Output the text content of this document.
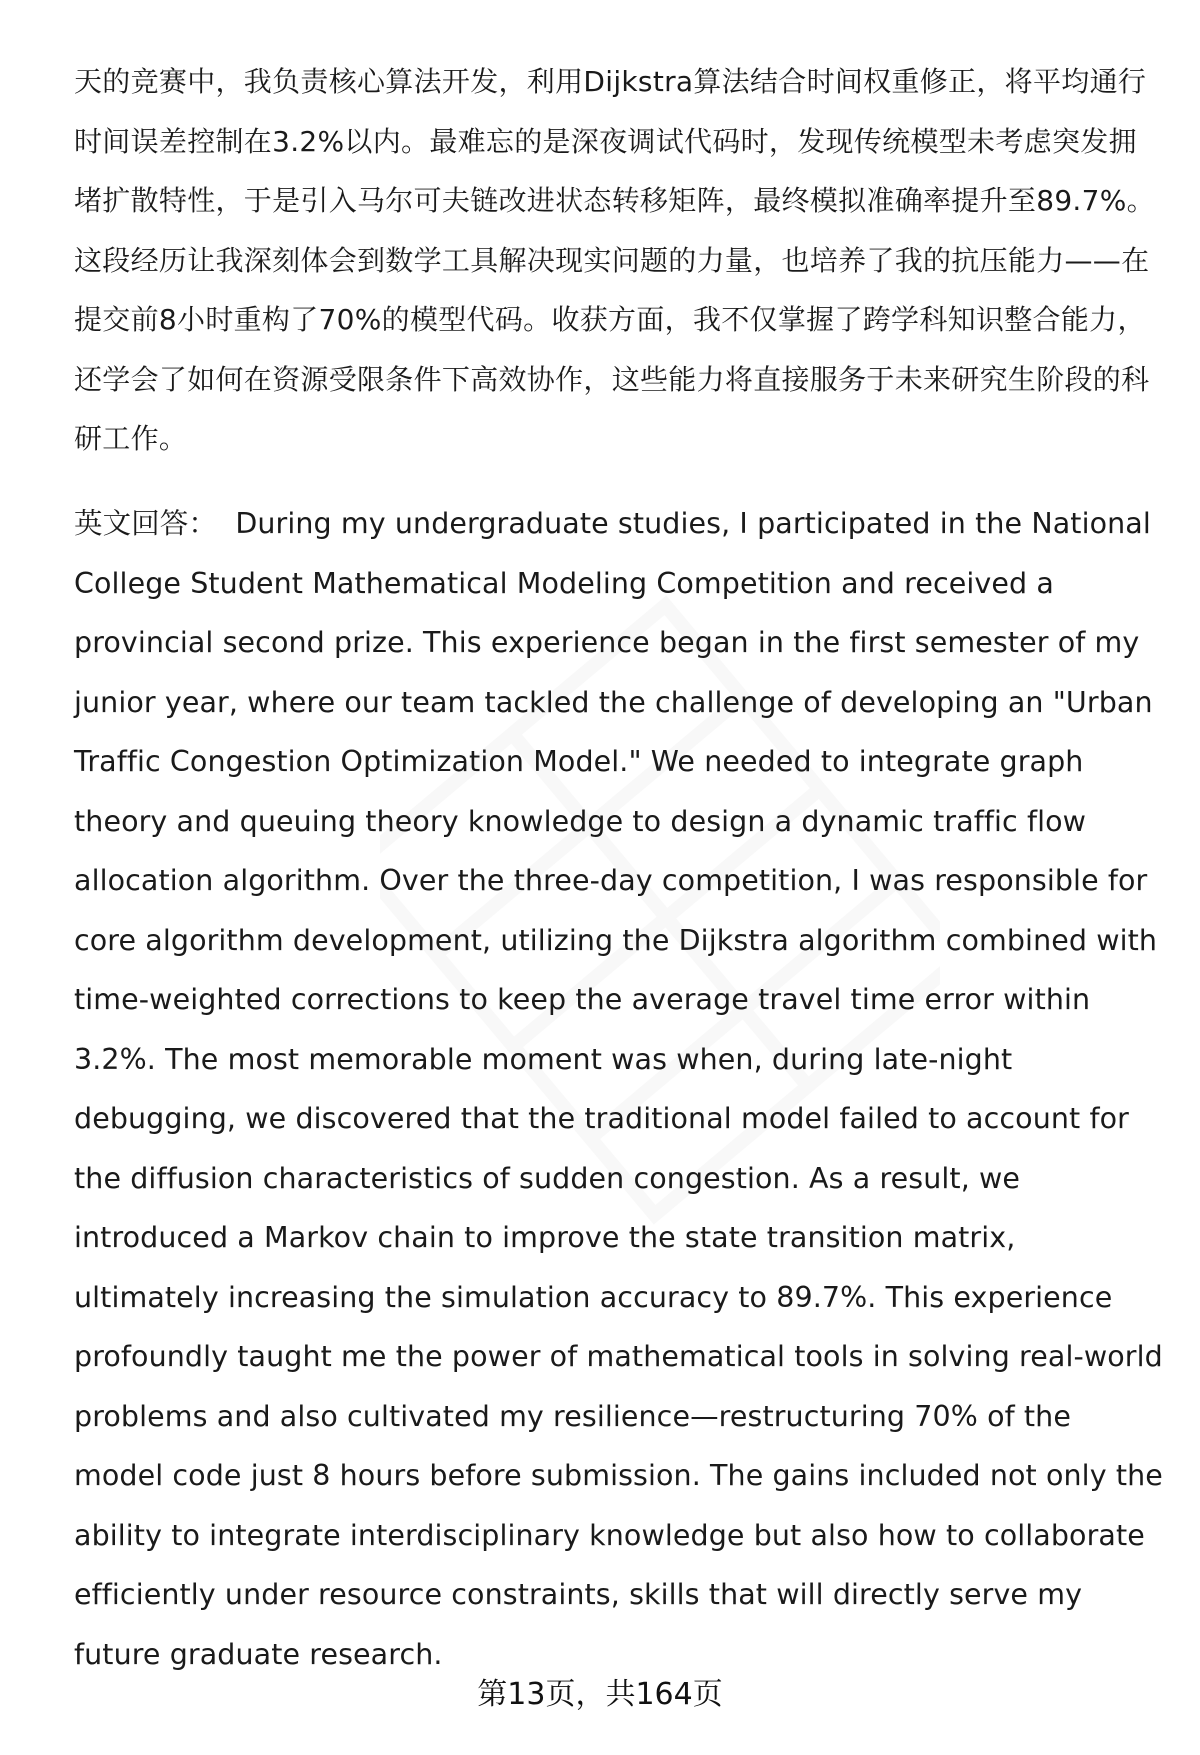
天的竞赛中，我负责核心算法开发，利用Dijkstra算法结合时间权重修正，将平均通行时间误差控制在3.2%以内。最难忘的是深夜调试代码时，发现传统模型未考虑突发拥堵扩散特性，于是引入马尔可夫链改进状态转移矩阵，最终模拟准确率提升至89.7%。这段经历让我深刻体会到数学工具解决现实问题的力量，也培养了我的抗压能力——在提交前8小时重构了70%的模型代码。收获方面，我不仅掌握了跨学科知识整合能力，还学会了如何在资源受限条件下高效协作，这些能力将直接服务于未来研究生阶段的科研工作。

英文回答： During my undergraduate studies, I participated in the National College Student Mathematical Modeling Competition and received a provincial second prize. This experience began in the first semester of my junior year, where our team tackled the challenge of developing an "Urban Traffic Congestion Optimization Model." We needed to integrate graph theory and queuing theory knowledge to design a dynamic traffic flow allocation algorithm. Over the three-day competition, I was responsible for core algorithm development, utilizing the Dijkstra algorithm combined with time-weighted corrections to keep the average travel time error within 3.2%. The most memorable moment was when, during late-night debugging, we discovered that the traditional model failed to account for the diffusion characteristics of sudden congestion. As a result, we introduced a Markov chain to improve the state transition matrix, ultimately increasing the simulation accuracy to 89.7%. This experience profoundly taught me the power of mathematical tools in solving real-world problems and also cultivated my resilience—restructuring 70% of the model code just 8 hours before submission. The gains included not only the ability to integrate interdisciplinary knowledge but also how to collaborate efficiently under resource constraints, skills that will directly serve my future graduate research.

第13页，共164页
